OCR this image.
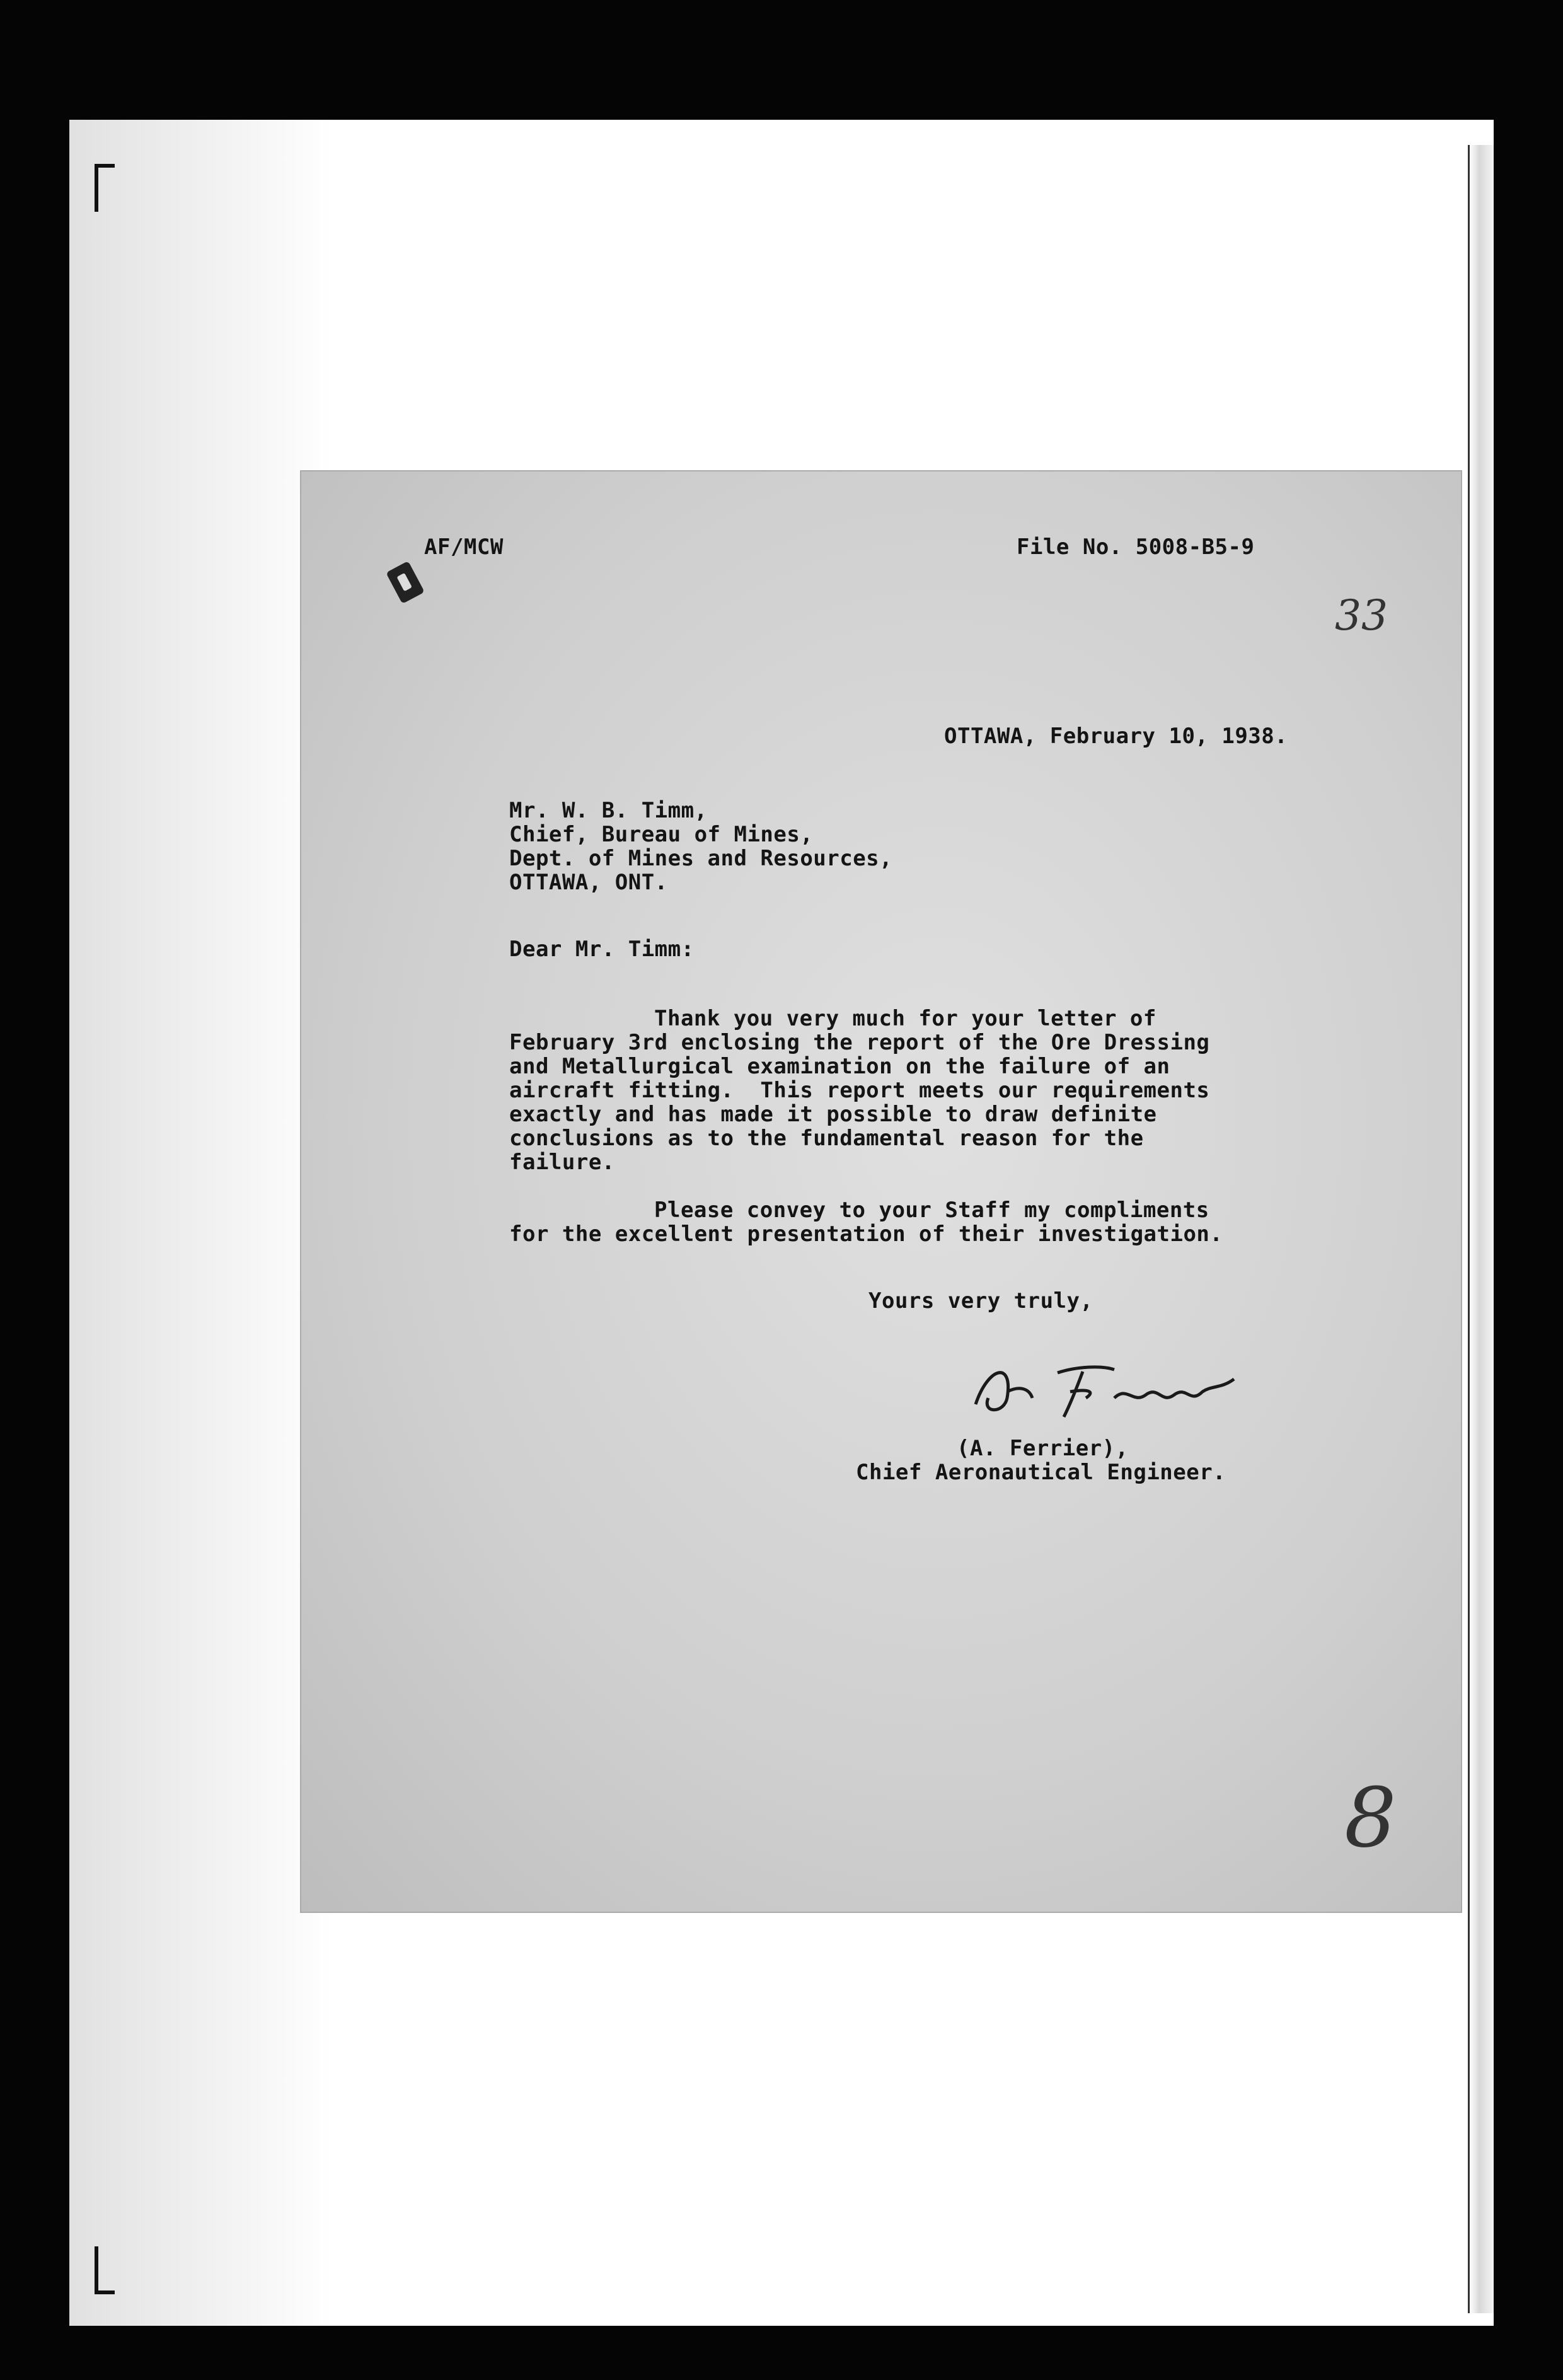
AF/MCW	File No. 5008-B5-9
33
OTTAWA, February 10, 1938.
Mr. W. B. Timm,
Chief, Bureau of Mines,
Dept. of Mines and Resources,
OTTAWA, ONT.
Dear Mr. Timm:
Thank you very much for your letter of
February 3rd enclosing the report of the Ore Dressing
and Metallurgical examination on the failure of an
aircraft fitting.  This report meets our requirements
exactly and has made it possible to draw definite
conclusions as to the fundamental reason for the
failure.
Please convey to your Staff my compliments
for the excellent presentation of their investigation.
Yours very truly,
(A. Ferrier),
Chief Aeronautical Engineer.
8
